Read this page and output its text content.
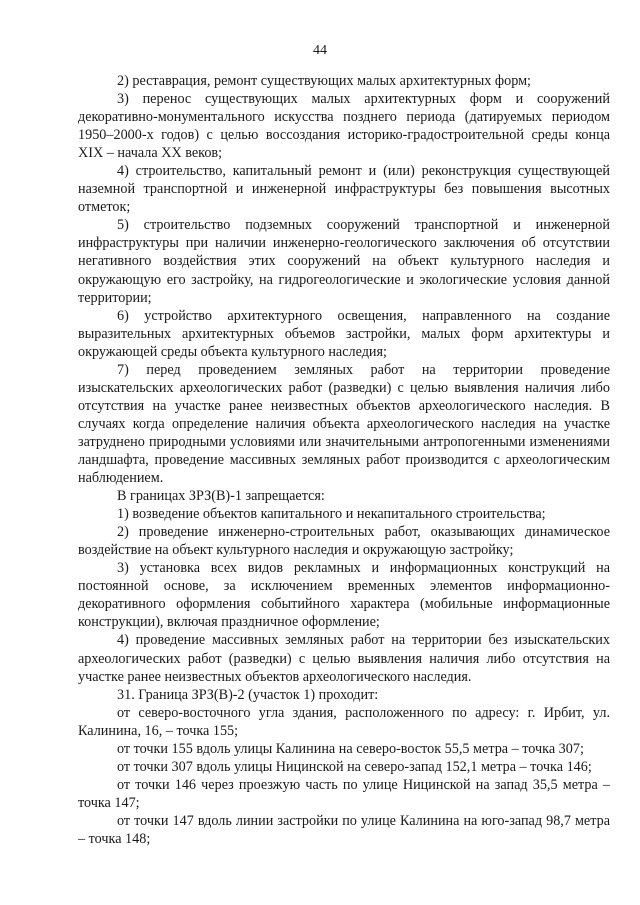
44

2) реставрация, ремонт существующих малых архитектурных форм;

3) перенос существующих малых архитектурных форм и сооружений декоративно-монументального искусства позднего периода (датируемых периодом 1950–2000-х годов) с целью воссоздания историко-градостроительной среды конца XIX – начала XX веков;

4) строительство, капитальный ремонт и (или) реконструкция существующей наземной транспортной и инженерной инфраструктуры без повышения высотных отметок;

5) строительство подземных сооружений транспортной и инженерной инфраструктуры при наличии инженерно-геологического заключения об отсутствии негативного воздействия этих сооружений на объект культурного наследия и окружающую его застройку, на гидрогеологические и экологические условия данной территории;

6) устройство архитектурного освещения, направленного на создание выразительных архитектурных объемов застройки, малых форм архитектуры и окружающей среды объекта культурного наследия;

7) перед проведением земляных работ на территории проведение изыскательских археологических работ (разведки) с целью выявления наличия либо отсутствия на участке ранее неизвестных объектов археологического наследия. В случаях когда определение наличия объекта археологического наследия на участке затруднено природными условиями или значительными антропогенными изменениями ландшафта, проведение массивных земляных работ производится с археологическим наблюдением.

В границах ЗРЗ(В)-1 запрещается:

1) возведение объектов капитального и некапитального строительства;

2) проведение инженерно-строительных работ, оказывающих динамическое воздействие на объект культурного наследия и окружающую застройку;

3) установка всех видов рекламных и информационных конструкций на постоянной основе, за исключением временных элементов информационно-декоративного оформления событийного характера (мобильные информационные конструкции), включая праздничное оформление;

4) проведение массивных земляных работ на территории без изыскательских археологических работ (разведки) с целью выявления наличия либо отсутствия на участке ранее неизвестных объектов археологического наследия.

31. Граница ЗРЗ(В)-2 (участок 1) проходит:

от северо-восточного угла здания, расположенного по адресу: г. Ирбит, ул. Калинина, 16, – точка 155;

от точки 155 вдоль улицы Калинина на северо-восток 55,5 метра – точка 307;

от точки 307 вдоль улицы Ницинской на северо-запад 152,1 метра – точка 146;

от точки 146 через проезжую часть по улице Ницинской на запад 35,5 метра – точка 147;

от точки 147 вдоль линии застройки по улице Калинина на юго-запад 98,7 метра – точка 148;
